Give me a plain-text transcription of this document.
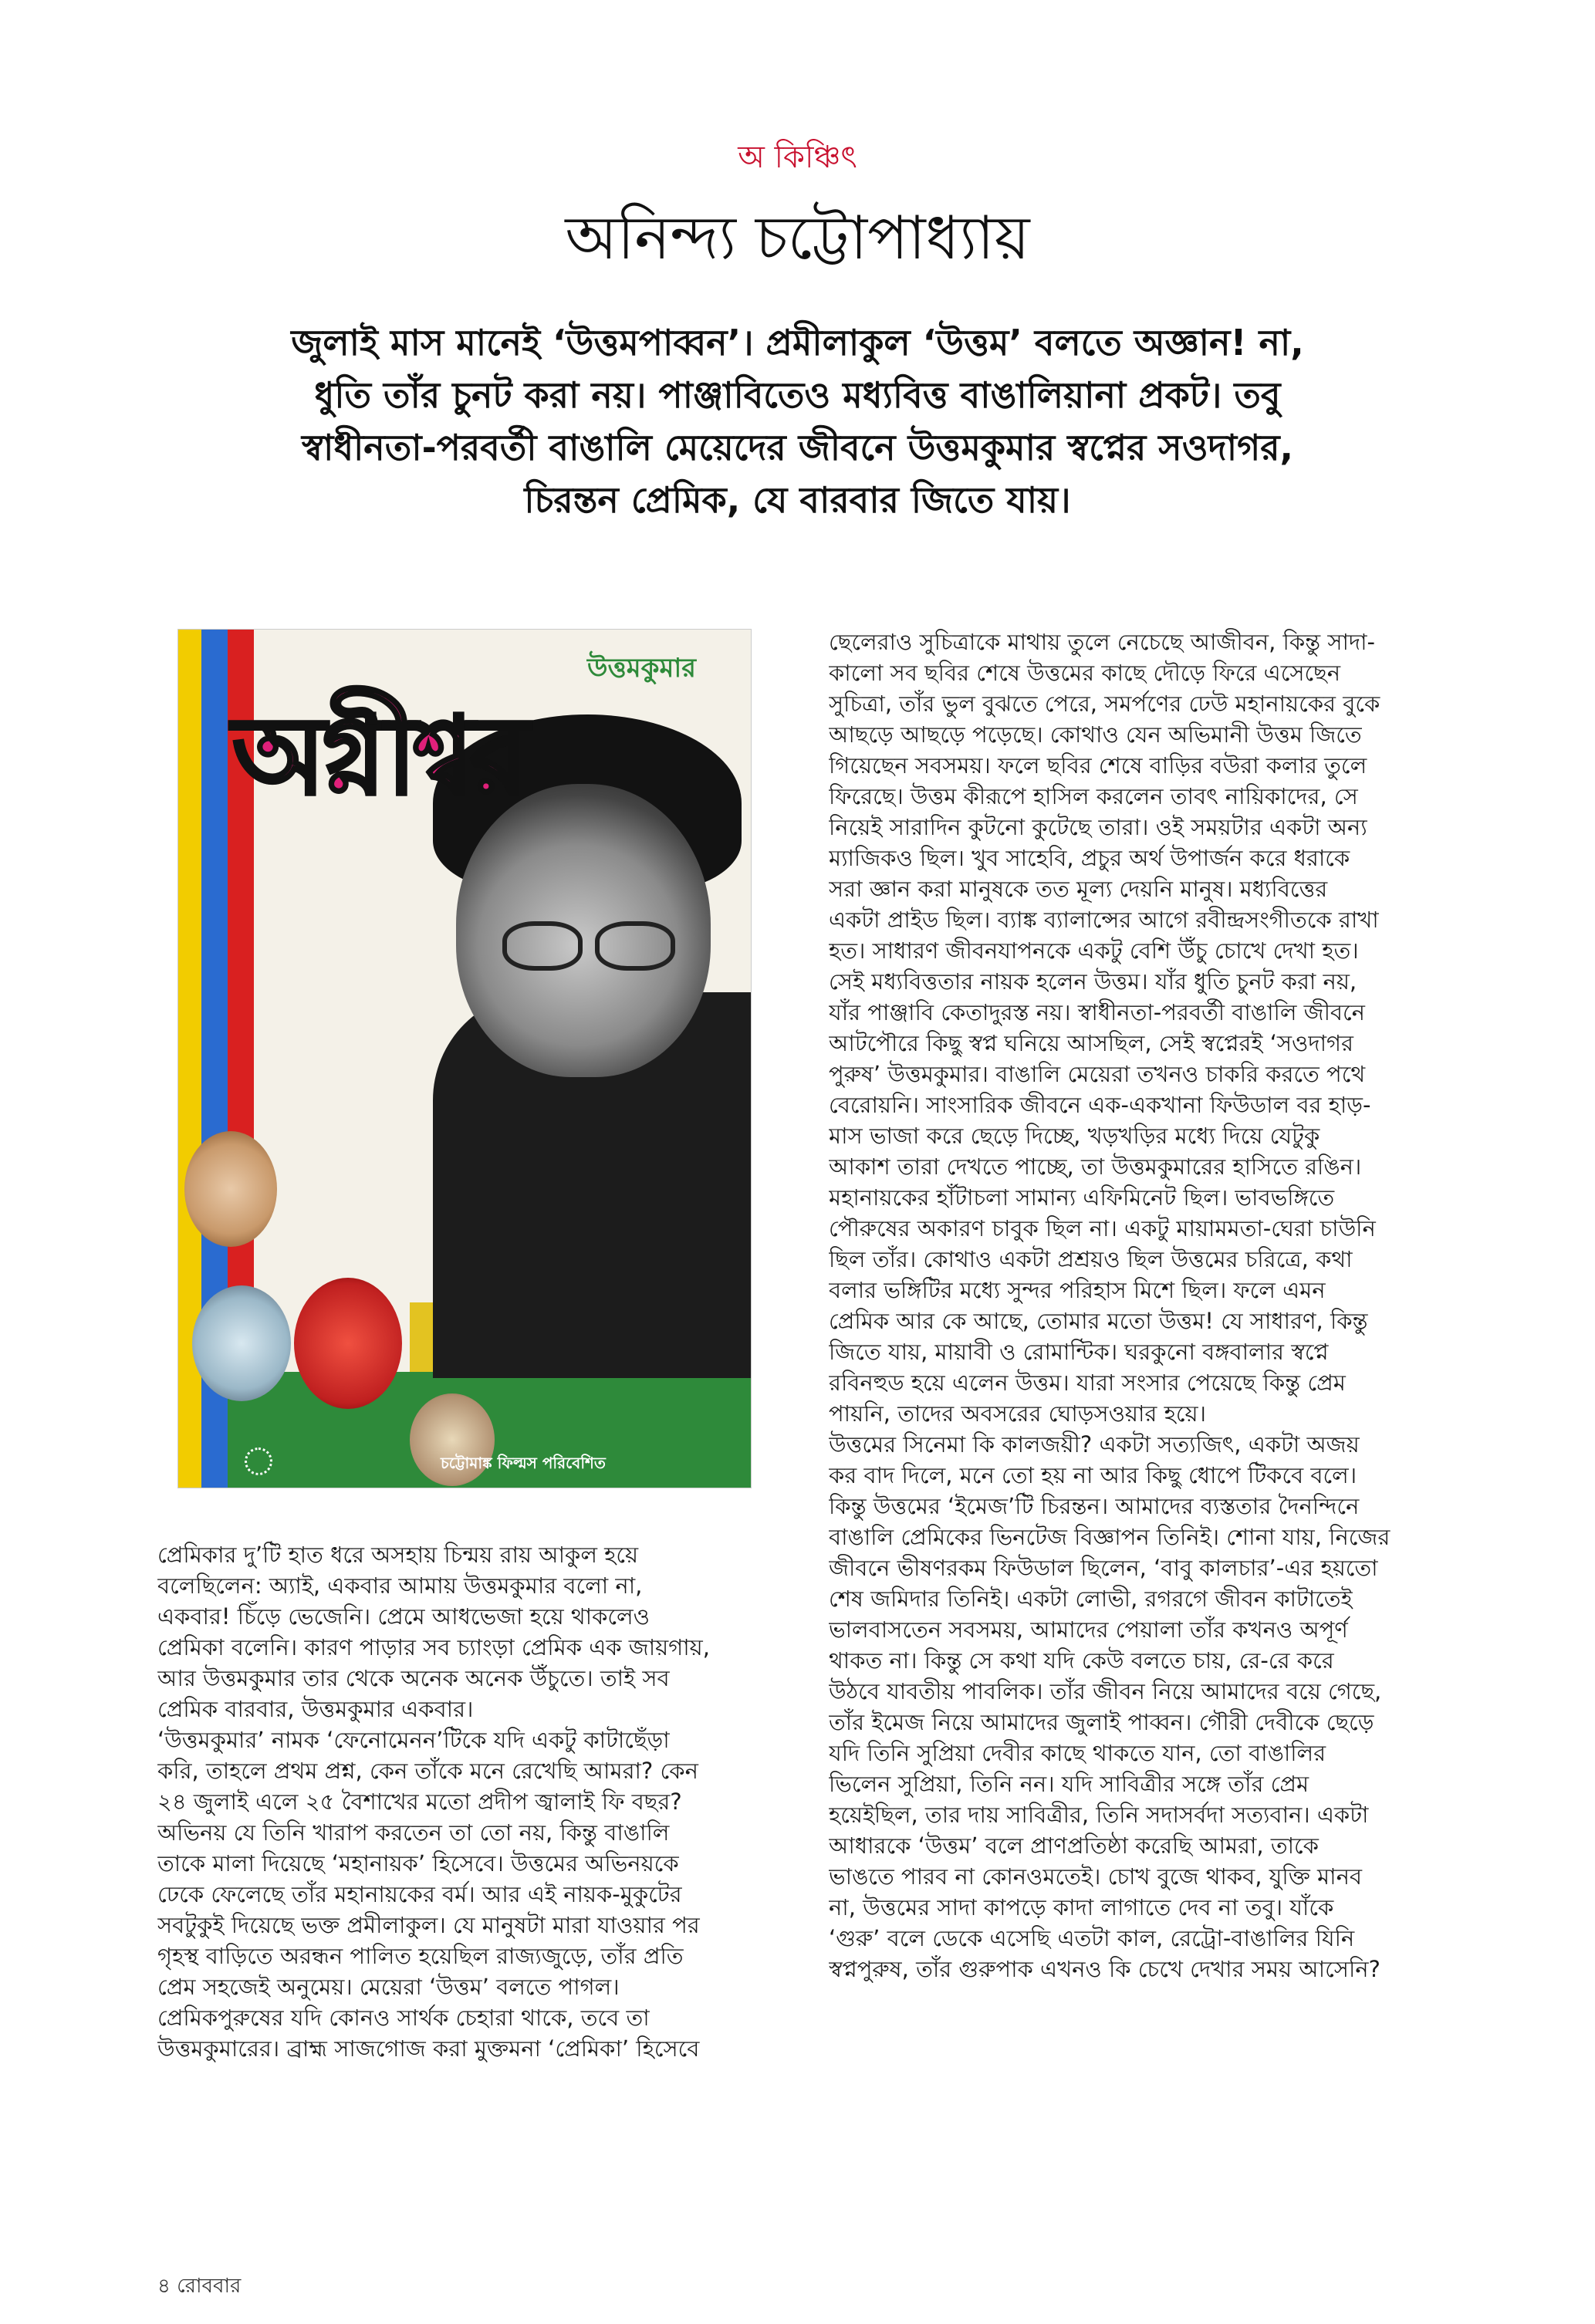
অ কিঞ্চিৎ
অনিন্দ্য চট্টোপাধ্যায়
জুলাই মাস মানেই ‘উত্তমপাব্বন’। প্রমীলাকুল ‘উত্তম’ বলতে অজ্ঞান! না,
ধুতি তাঁর চুনট করা নয়। পাঞ্জাবিতেও মধ্যবিত্ত বাঙালিয়ানা প্রকট। তবু
স্বাধীনতা-পরবর্তী বাঙালি মেয়েদের জীবনে উত্তমকুমার স্বপ্নের সওদাগর,
চিরন্তন প্রেমিক, যে বারবার জিতে যায়।
উত্তমকুমার
অগ্নীশ্বর
চট্টোমাঙ্ক ফিল্মস পরিবেশিত
ছেলেরাও সুচিত্রাকে মাথায় তুলে নেচেছে আজীবন, কিন্তু সাদা-
কালো সব ছবির শেষে উত্তমের কাছে দৌড়ে ফিরে এসেছেন
সুচিত্রা, তাঁর ভুল বুঝতে পেরে, সমর্পণের ঢেউ মহানায়কের বুকে
আছড়ে আছড়ে পড়েছে। কোথাও যেন অভিমানী উত্তম জিতে
গিয়েছেন সবসময়। ফলে ছবির শেষে বাড়ির বউরা কলার তুলে
ফিরেছে। উত্তম কীরূপে হাসিল করলেন তাবৎ নায়িকাদের, সে
নিয়েই সারাদিন কুটনো কুটেছে তারা। ওই সময়টার একটা অন্য
ম্যাজিকও ছিল। খুব সাহেবি, প্রচুর অর্থ উপার্জন করে ধরাকে
সরা জ্ঞান করা মানুষকে তত মূল্য দেয়নি মানুষ। মধ্যবিত্তের
একটা প্রাইড ছিল। ব্যাঙ্ক ব্যালান্সের আগে রবীন্দ্রসংগীতকে রাখা
হত। সাধারণ জীবনযাপনকে একটু বেশি উঁচু চোখে দেখা হত।
সেই মধ্যবিত্ততার নায়ক হলেন উত্তম। যাঁর ধুতি চুনট করা নয়,
যাঁর পাঞ্জাবি কেতাদুরস্ত নয়। স্বাধীনতা-পরবর্তী বাঙালি জীবনে
আটপৌরে কিছু স্বপ্ন ঘনিয়ে আসছিল, সেই স্বপ্নেরই ‘সওদাগর
পুরুষ’ উত্তমকুমার। বাঙালি মেয়েরা তখনও চাকরি করতে পথে
বেরোয়নি। সাংসারিক জীবনে এক-একখানা ফিউডাল বর হাড়-
মাস ভাজা করে ছেড়ে দিচ্ছে, খড়খড়ির মধ্যে দিয়ে যেটুকু
আকাশ তারা দেখতে পাচ্ছে, তা উত্তমকুমারের হাসিতে রঙিন।
মহানায়কের হাঁটাচলা সামান্য এফিমিনেট ছিল। ভাবভঙ্গিতে
পৌরুষের অকারণ চাবুক ছিল না। একটু মায়ামমতা-ঘেরা চাউনি
ছিল তাঁর। কোথাও একটা প্রশ্রয়ও ছিল উত্তমের চরিত্রে, কথা
বলার ভঙ্গিটির মধ্যে সুন্দর পরিহাস মিশে ছিল। ফলে এমন
প্রেমিক আর কে আছে, তোমার মতো উত্তম! যে সাধারণ, কিন্তু
জিতে যায়, মায়াবী ও রোমান্টিক। ঘরকুনো বঙ্গবালার স্বপ্নে
রবিনহুড হয়ে এলেন উত্তম। যারা সংসার পেয়েছে কিন্তু প্রেম
পায়নি, তাদের অবসরের ঘোড়সওয়ার হয়ে।
উত্তমের সিনেমা কি কালজয়ী? একটা সত্যজিৎ, একটা অজয়
কর বাদ দিলে, মনে তো হয় না আর কিছু ধোপে টিকবে বলে।
কিন্তু উত্তমের ‘ইমেজ’টি চিরন্তন। আমাদের ব্যস্ততার দৈনন্দিনে
বাঙালি প্রেমিকের ভিনটেজ বিজ্ঞাপন তিনিই। শোনা যায়, নিজের
জীবনে ভীষণরকম ফিউডাল ছিলেন, ‘বাবু কালচার’-এর হয়তো
শেষ জমিদার তিনিই। একটা লোভী, রগরগে জীবন কাটাতেই
ভালবাসতেন সবসময়, আমাদের পেয়ালা তাঁর কখনও অপূর্ণ
থাকত না। কিন্তু সে কথা যদি কেউ বলতে চায়, রে-রে করে
উঠবে যাবতীয় পাবলিক। তাঁর জীবন নিয়ে আমাদের বয়ে গেছে,
তাঁর ইমেজ নিয়ে আমাদের জুলাই পাব্বন। গৌরী দেবীকে ছেড়ে
যদি তিনি সুপ্রিয়া দেবীর কাছে থাকতে যান, তো বাঙালির
ভিলেন সুপ্রিয়া, তিনি নন। যদি সাবিত্রীর সঙ্গে তাঁর প্রেম
হয়েইছিল, তার দায় সাবিত্রীর, তিনি সদাসর্বদা সত্যবান। একটা
আধারকে ‘উত্তম’ বলে প্রাণপ্রতিষ্ঠা করেছি আমরা, তাকে
ভাঙতে পারব না কোনওমতেই। চোখ বুজে থাকব, যুক্তি মানব
না, উত্তমের সাদা কাপড়ে কাদা লাগাতে দেব না তবু। যাঁকে
‘গুরু’ বলে ডেকে এসেছি এতটা কাল, রেট্রো-বাঙালির যিনি
স্বপ্নপুরুষ, তাঁর গুরুপাক এখনও কি চেখে দেখার সময় আসেনি?
প্রেমিকার দু’টি হাত ধরে অসহায় চিন্ময় রায় আকুল হয়ে
বলেছিলেন: অ্যাই, একবার আমায় উত্তমকুমার বলো না,
একবার! চিঁড়ে ভেজেনি। প্রেমে আধভেজা হয়ে থাকলেও
প্রেমিকা বলেনি। কারণ পাড়ার সব চ্যাংড়া প্রেমিক এক জায়গায়,
আর উত্তমকুমার তার থেকে অনেক অনেক উঁচুতে। তাই সব
প্রেমিক বারবার, উত্তমকুমার একবার।
‘উত্তমকুমার’ নামক ‘ফেনোমেনন’টিকে যদি একটু কাটাছেঁড়া
করি, তাহলে প্রথম প্রশ্ন, কেন তাঁকে মনে রেখেছি আমরা? কেন
২৪ জুলাই এলে ২৫ বৈশাখের মতো প্রদীপ জ্বালাই ফি বছর?
অভিনয় যে তিনি খারাপ করতেন তা তো নয়, কিন্তু বাঙালি
তাকে মালা দিয়েছে ‘মহানায়ক’ হিসেবে। উত্তমের অভিনয়কে
ঢেকে ফেলেছে তাঁর মহানায়কের বর্ম। আর এই নায়ক-মুকুটের
সবটুকুই দিয়েছে ভক্ত প্রমীলাকুল। যে মানুষটা মারা যাওয়ার পর
গৃহস্থ বাড়িতে অরন্ধন পালিত হয়েছিল রাজ্যজুড়ে, তাঁর প্রতি
প্রেম সহজেই অনুমেয়। মেয়েরা ‘উত্তম’ বলতে পাগল।
প্রেমিকপুরুষের যদি কোনও সার্থক চেহারা থাকে, তবে তা
উত্তমকুমারের। ব্রাহ্ম সাজগোজ করা মুক্তমনা ‘প্রেমিকা’ হিসেবে
৪ রোববার
